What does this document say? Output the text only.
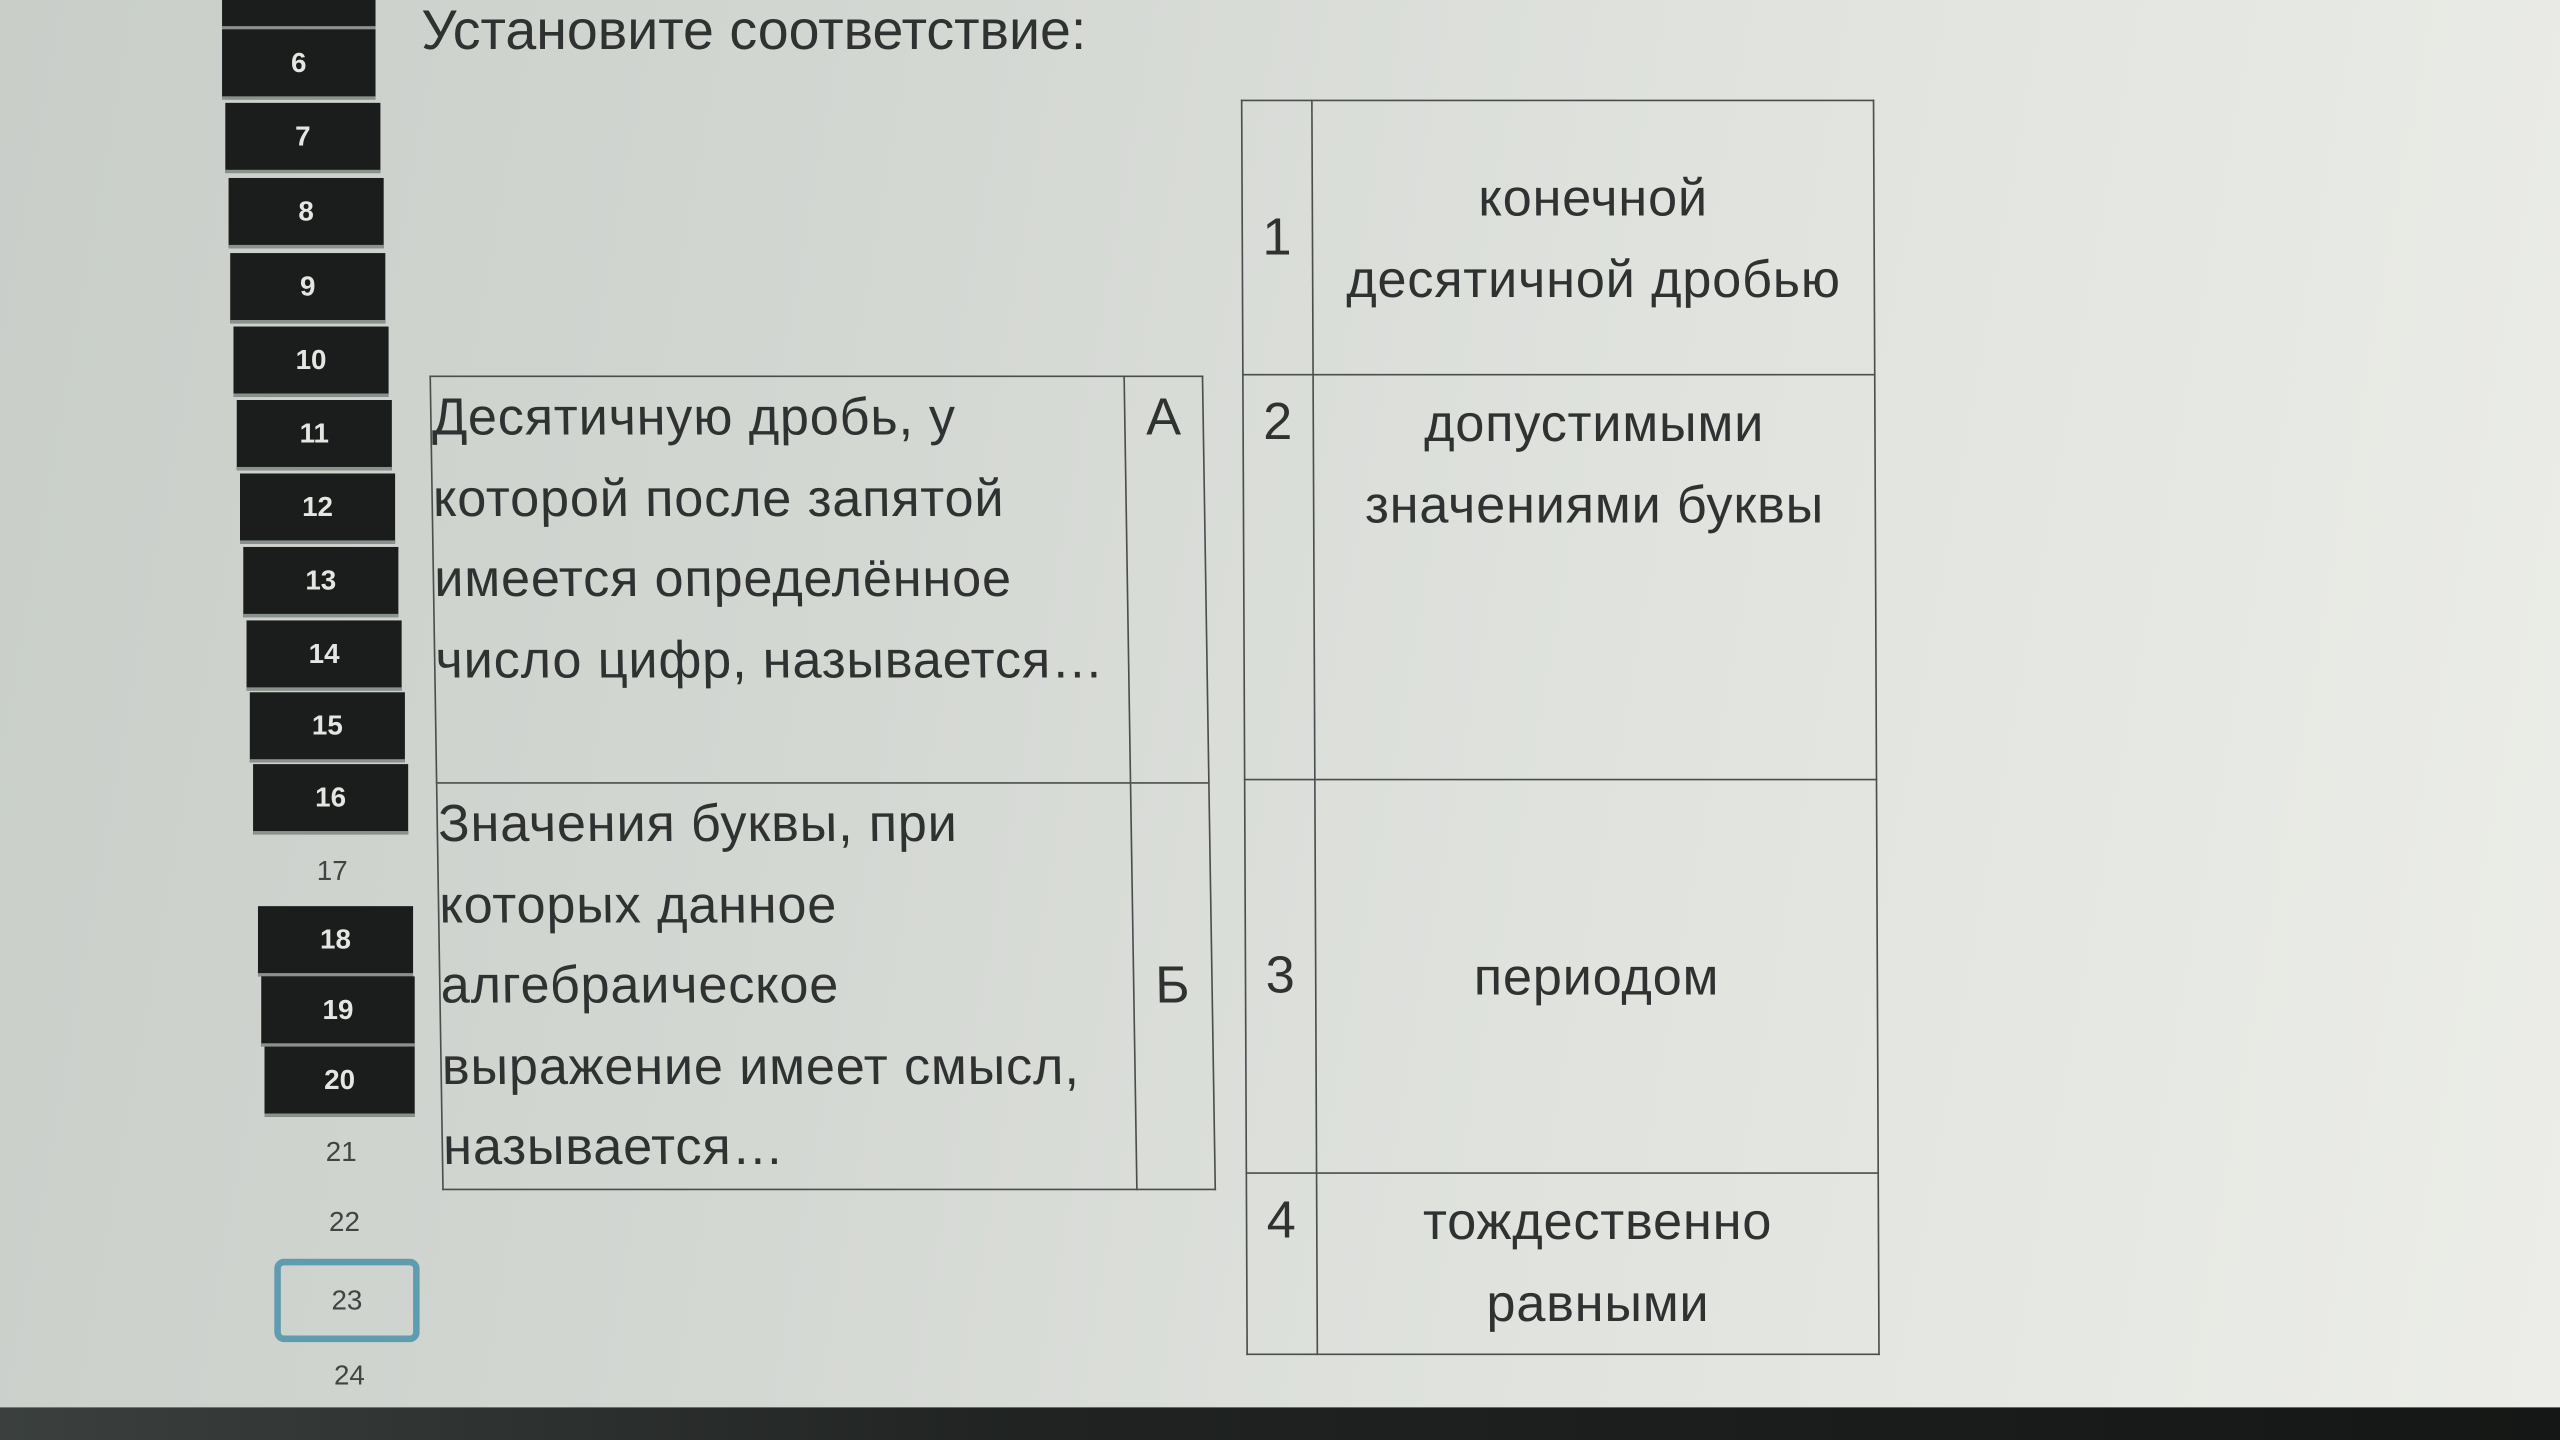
6
7
8
9
10
11
12
13
14
15
16
17
18
19
20
21
22
23
24
Установите соответствие:
Десятичную дробь, у которой после запятой имеется определённое число цифр, называется…	А
Значения буквы, при которых данное алгебраическое выражение имеет смысл, называется…	Б
1	конечной десятичной дробью
2	допустимыми значениями буквы
3	периодом
4	тождественно равными
